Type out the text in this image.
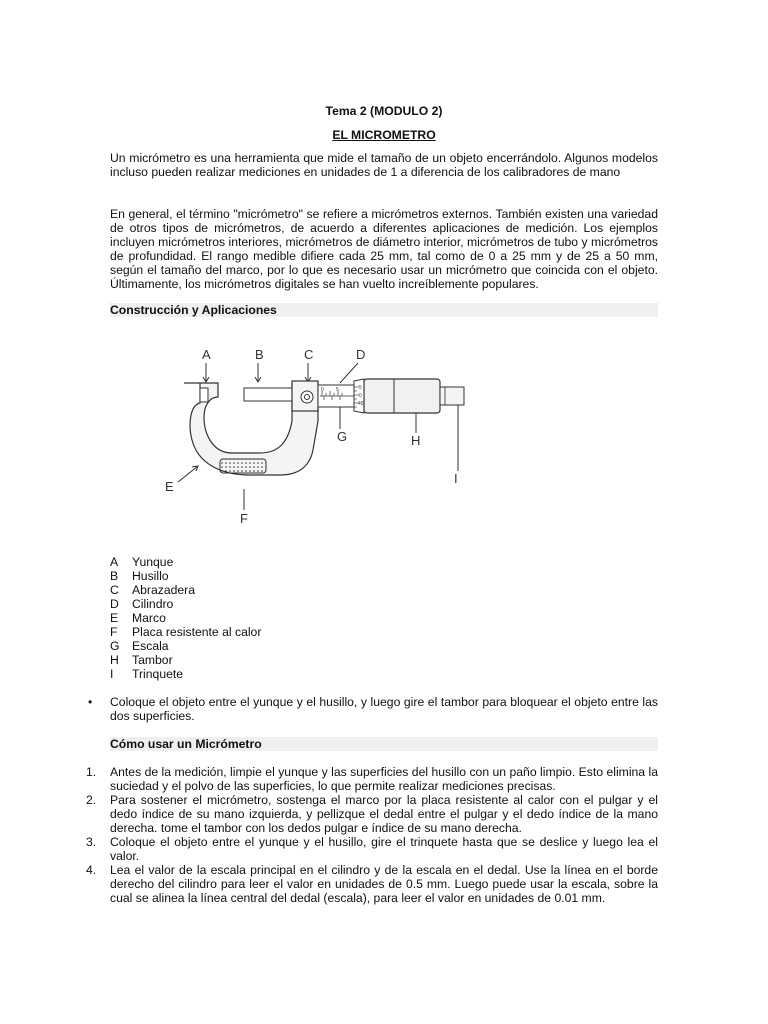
Tema 2 (MODULO 2)

EL MICROMETRO

Un micrómetro es una herramienta que mide el tamaño de un objeto encerrándolo. Algunos modelos incluso pueden realizar mediciones en unidades de 1 a diferencia de los calibradores de mano

En general, el término "micrómetro" se refiere a micrómetros externos. También existen una variedad de otros tipos de micrómetros, de acuerdo a diferentes aplicaciones de medición. Los ejemplos incluyen micrómetros interiores, micrómetros de diámetro interior, micrómetros de tubo y micrómetros de profundidad. El rango medible difiere cada 25 mm, tal como de 0 a 25 mm y de 25 a 50 mm, según el tamaño del marco, por lo que es necesario usar un micrómetro que coincida con el objeto. Últimamente, los micrómetros digitales se han vuelto increíblemente populares.

Construcción y Aplicaciones
A	B	C	D
E
F
G	H
I
0 5	5
0
45
A Yunque
B Husillo
C Abrazadera
D Cilindro
E Marco
F Placa resistente al calor
G Escala
H Tambor
I Trinquete
• Coloque el objeto entre el yunque y el husillo, y luego gire el tambor para bloquear el objeto entre las dos superficies.

Cómo usar un Micrómetro
1. Antes de la medición, limpie el yunque y las superficies del husillo con un paño limpio. Esto elimina la suciedad y el polvo de las superficies, lo que permite realizar mediciones precisas.
2. Para sostener el micrómetro, sostenga el marco por la placa resistente al calor con el pulgar y el dedo índice de su mano izquierda, y pellizque el dedal entre el pulgar y el dedo índice de la mano derecha. tome el tambor con los dedos pulgar e índice de su mano derecha.
3. Coloque el objeto entre el yunque y el husillo, gire el trinquete hasta que se deslice y luego lea el valor.
4. Lea el valor de la escala principal en el cilindro y de la escala en el dedal. Use la línea en el borde derecho del cilindro para leer el valor en unidades de 0.5 mm. Luego puede usar la escala, sobre la cual se alinea la línea central del dedal (escala), para leer el valor en unidades de 0.01 mm.
